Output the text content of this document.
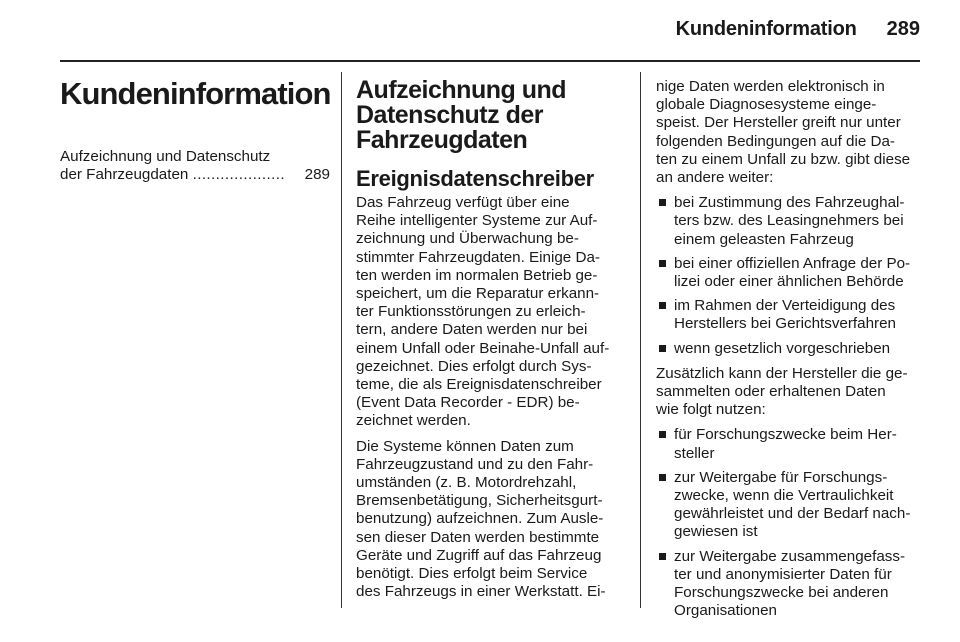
Kundeninformation 289
Kundeninformation
Aufzeichnung und Datenschutz
der Fahrzeugdaten
....................	289
Aufzeichnung und
Datenschutz der
Fahrzeugdaten
Ereignisdatenschreiber
Das Fahrzeug verfügt über eine
Reihe intelligenter Systeme zur Auf-
zeichnung und Überwachung be-
stimmter Fahrzeugdaten. Einige Da-
ten werden im normalen Betrieb ge-
speichert, um die Reparatur erkann-
ter Funktionsstörungen zu erleich-
tern, andere Daten werden nur bei
einem Unfall oder Beinahe-Unfall auf-
gezeichnet. Dies erfolgt durch Sys-
teme, die als Ereignisdatenschreiber
(Event Data Recorder - EDR) be-
zeichnet werden.
Die Systeme können Daten zum
Fahrzeugzustand und zu den Fahr-
umständen (z. B. Motordrehzahl,
Bremsenbetätigung, Sicherheitsgurt-
benutzung) aufzeichnen. Zum Ausle-
sen dieser Daten werden bestimmte
Geräte und Zugriff auf das Fahrzeug
benötigt. Dies erfolgt beim Service
des Fahrzeugs in einer Werkstatt. Ei-
nige Daten werden elektronisch in
globale Diagnosesysteme einge-
speist. Der Hersteller greift nur unter
folgenden Bedingungen auf die Da-
ten zu einem Unfall zu bzw. gibt diese
an andere weiter:
bei Zustimmung des Fahrzeughal-
ters bzw. des Leasingnehmers bei
einem geleasten Fahrzeug
bei einer offiziellen Anfrage der Po-
lizei oder einer ähnlichen Behörde
im Rahmen der Verteidigung des
Herstellers bei Gerichtsverfahren
wenn gesetzlich vorgeschrieben
Zusätzlich kann der Hersteller die ge-
sammelten oder erhaltenen Daten
wie folgt nutzen:
für Forschungszwecke beim Her-
steller
zur Weitergabe für Forschungs-
zwecke, wenn die Vertraulichkeit
gewährleistet und der Bedarf nach-
gewiesen ist
zur Weitergabe zusammengefass-
ter und anonymisierter Daten für
Forschungszwecke bei anderen
Organisationen
